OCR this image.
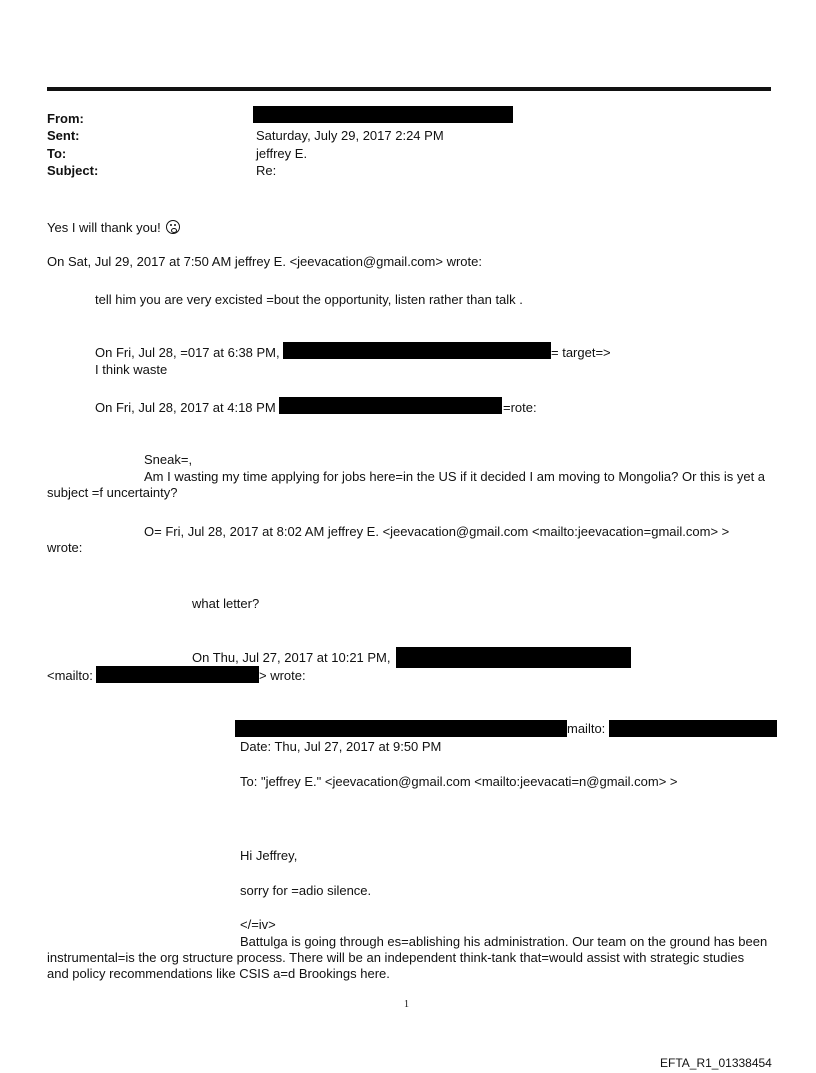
From:
Sent:	Saturday, July 29, 2017 2:24 PM
To:	jeffrey E.
Subject:	Re:
Yes I will thank you!
On Sat, Jul 29, 2017 at 7:50 AM jeffrey E. <jeevacation@gmail.com> wrote:
tell him you are very excisted =bout the opportunity, listen rather than talk .
On Fri, Jul 28, =017 at 6:38 PM,	= target=>
I think waste
On Fri, Jul 28, 2017 at 4:18 PM	=rote:
Sneak=,
Am I wasting my time applying for jobs here=in the US if it decided I am moving to Mongolia? Or this is yet a subject =f uncertainty?
O= Fri, Jul 28, 2017 at 8:02 AM jeffrey E. <jeevacation@gmail.com <mailto:jeevacation=gmail.com> > wrote:
what letter?
On Thu, Jul 27, 2017 at 10:21 PM,
<mailto:	> wrote:
mailto:
Date: Thu, Jul 27, 2017 at 9:50 PM
To: "jeffrey E." <jeevacation@gmail.com <mailto:jeevacati=n@gmail.com> >
Hi Jeffrey,
sorry for =adio silence.
</=iv>
Battulga is going through es=ablishing his administration. Our team on the ground has been instrumental=is the org structure process. There will be an independent think-tank that=would assist with strategic studies and policy recommendations like CSIS a=d Brookings here.
1
EFTA_R1_01338454
